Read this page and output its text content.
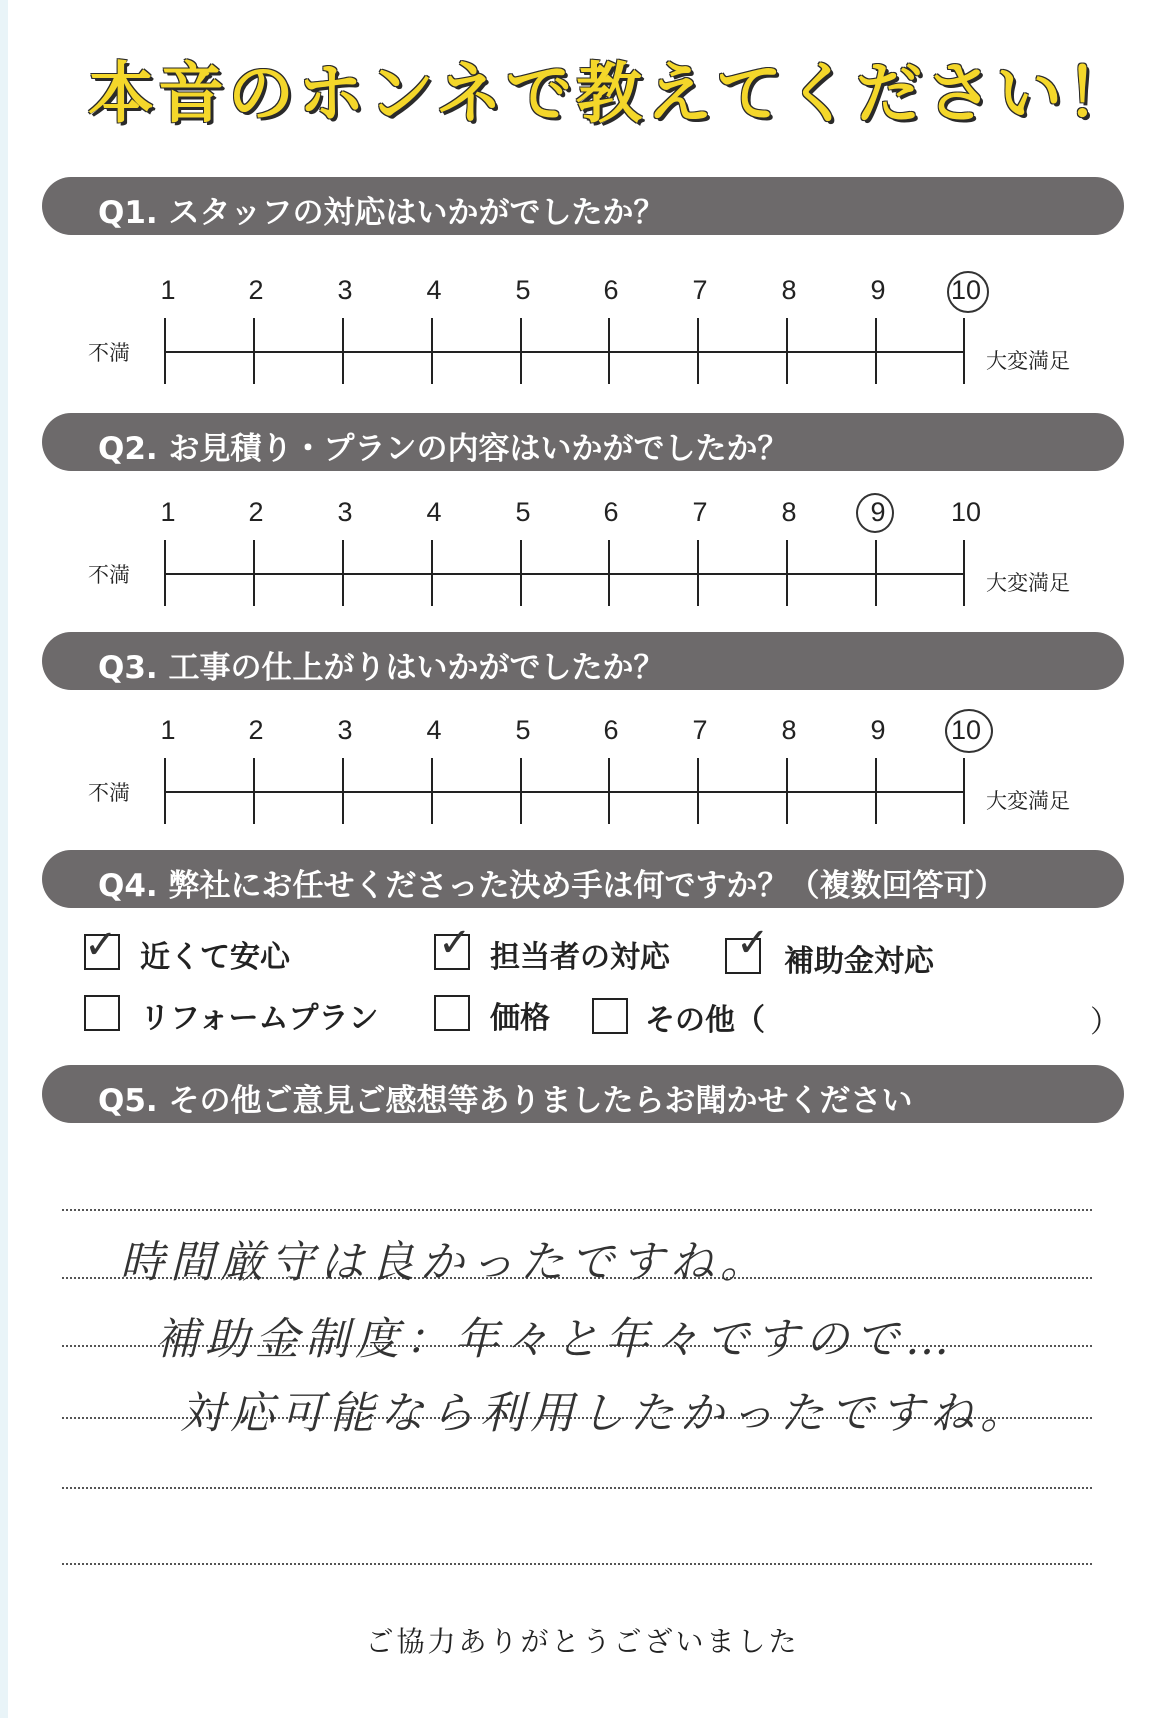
本音のホンネで教えてください！
Q1. スタッフの対応はいかがでしたか？
1	2	3	4	5	6	7	8	9	10
不満	大変満足
Q2. お見積り・プランの内容はいかがでしたか？
1	2	3	4	5	6	7	8	9	10
不満	大変満足
Q3. 工事の仕上がりはいかがでしたか？
1	2	3	4	5	6	7	8	9	10
不満	大変満足
Q4. 弊社にお任せくださった決め手は何ですか？（複数回答可）
✓ 近くて安心	✓ 担当者の対応 ✓ 補助金対応
リフォームプラン	価格	その他（	）
Q5. その他ご意見ご感想等ありましたらお聞かせください
時間厳守は良かったですね。
補助金制度：年々と年々ですので…
対応可能なら利用したかったですね。
ご協力ありがとうございました
